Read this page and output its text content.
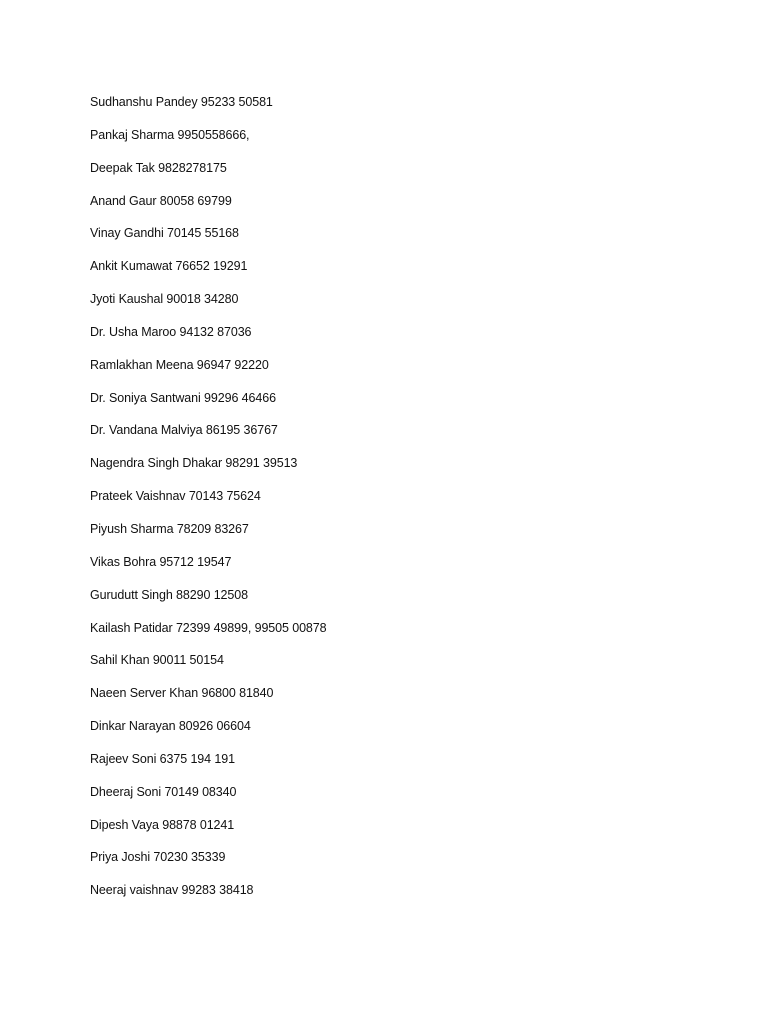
Sudhanshu Pandey 95233 50581
Pankaj Sharma 9950558666,
Deepak Tak 9828278175
Anand Gaur 80058 69799
Vinay Gandhi 70145 55168
Ankit Kumawat 76652 19291
Jyoti Kaushal 90018 34280
Dr. Usha Maroo 94132 87036
Ramlakhan Meena 96947 92220
Dr. Soniya Santwani 99296 46466
Dr. Vandana Malviya 86195 36767
Nagendra Singh Dhakar 98291 39513
Prateek Vaishnav 70143 75624
Piyush Sharma 78209 83267
Vikas Bohra 95712 19547
Gurudutt Singh 88290 12508
Kailash Patidar 72399 49899, 99505 00878
Sahil Khan 90011 50154
Naeen Server Khan 96800 81840
Dinkar Narayan 80926 06604
Rajeev Soni 6375 194 191
Dheeraj Soni 70149 08340
Dipesh Vaya 98878 01241
Priya Joshi 70230 35339
Neeraj vaishnav 99283 38418
